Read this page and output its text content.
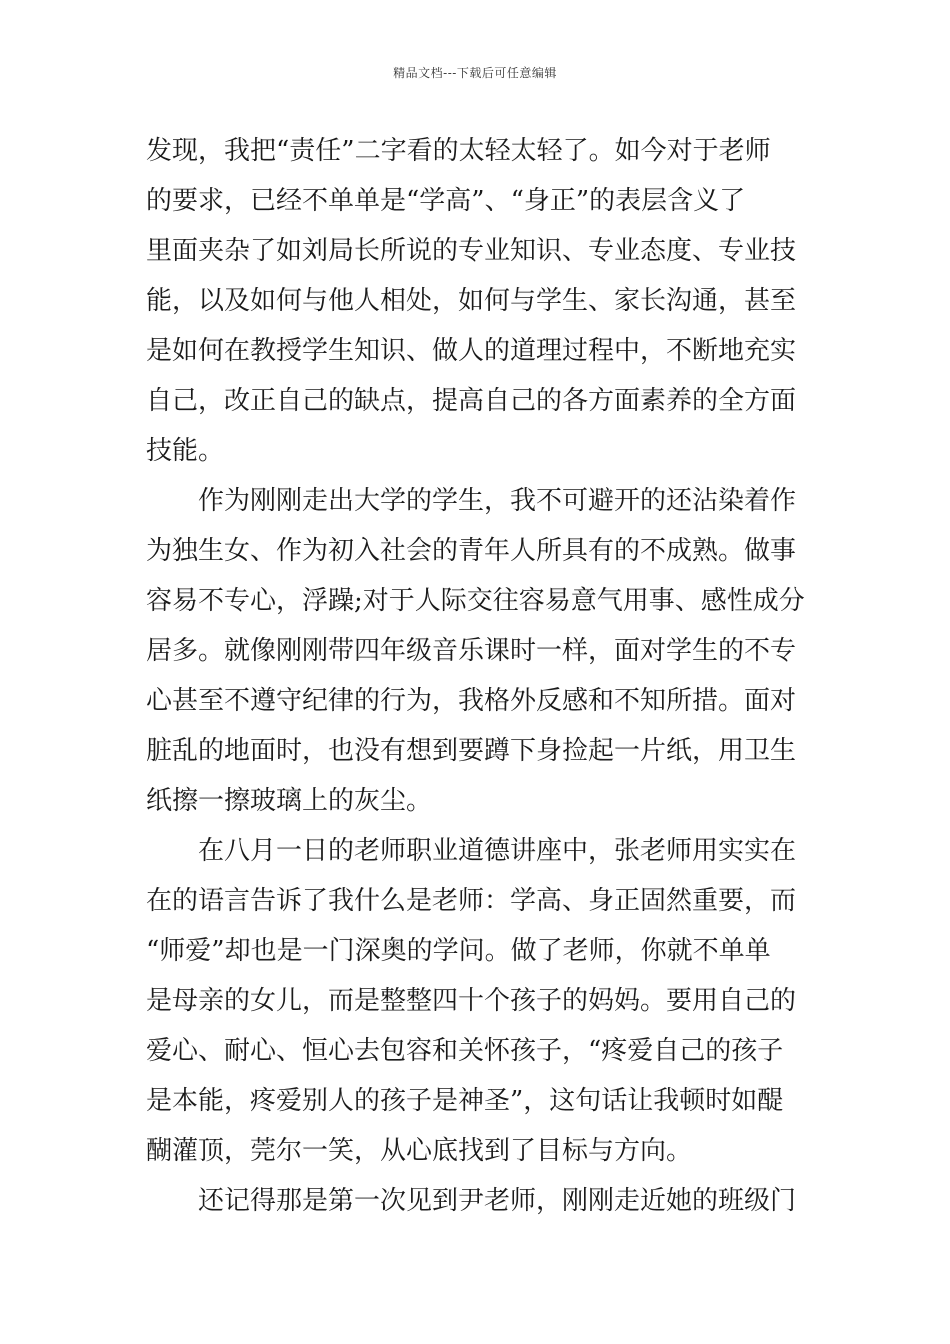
精品文档---下载后可任意编辑
发现，我把“责任”二字看的太轻太轻了。如今对于老师
的要求，已经不单单是“学高”、“身正”的表层含义了
里面夹杂了如刘局长所说的专业知识、专业态度、专业技
能，以及如何与他人相处，如何与学生、家长沟通，甚至
是如何在教授学生知识、做人的道理过程中，不断地充实
自己，改正自己的缺点，提高自己的各方面素养的全方面
技能。
作为刚刚走出大学的学生，我不可避开的还沾染着作
为独生女、作为初入社会的青年人所具有的不成熟。做事
容易不专心，浮躁;对于人际交往容易意气用事、感性成分
居多。就像刚刚带四年级音乐课时一样，面对学生的不专
心甚至不遵守纪律的行为，我格外反感和不知所措。面对
脏乱的地面时，也没有想到要蹲下身捡起一片纸，用卫生
纸擦一擦玻璃上的灰尘。
在八月一日的老师职业道德讲座中，张老师用实实在
在的语言告诉了我什么是老师：学高、身正固然重要，而
“师爱”却也是一门深奥的学问。做了老师，你就不单单
是母亲的女儿，而是整整四十个孩子的妈妈。要用自己的
爱心、耐心、恒心去包容和关怀孩子，“疼爱自己的孩子
是本能，疼爱别人的孩子是神圣”，这句话让我顿时如醍
醐灌顶，莞尔一笑，从心底找到了目标与方向。
还记得那是第一次见到尹老师，刚刚走近她的班级门
